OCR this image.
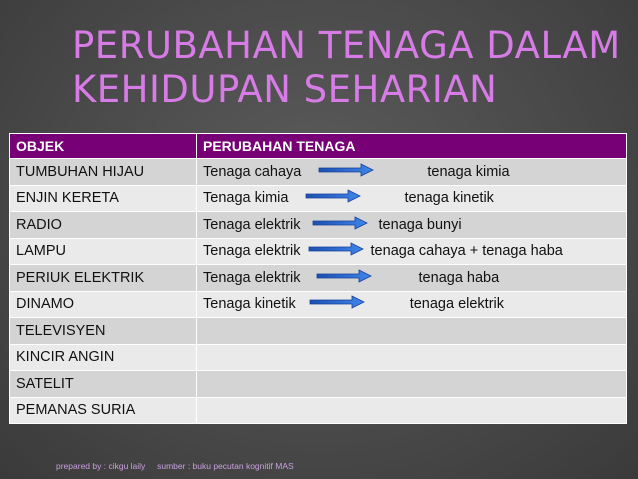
PERUBAHAN TENAGA DALAM
KEHIDUPAN SEHARIAN
OBJEK	PERUBAHAN TENAGA
TUMBUHAN HIJAU	Tenaga cahaya tenaga kimia

ENJIN KERETA	Tenaga kimia tenaga kinetik

RADIO	Tenaga elektrik tenaga bunyi

LAMPU	Tenaga elektrik tenaga cahaya + tenaga haba

PERIUK ELEKTRIK	Tenaga elektrik tenaga haba

DINAMO	Tenaga kinetik tenaga elektrik

TELEVISYEN	
KINCIR ANGIN	
SATELIT	
PEMANAS SURIA	
prepared by : cikgu laily sumber : buku pecutan kognitif MAS
